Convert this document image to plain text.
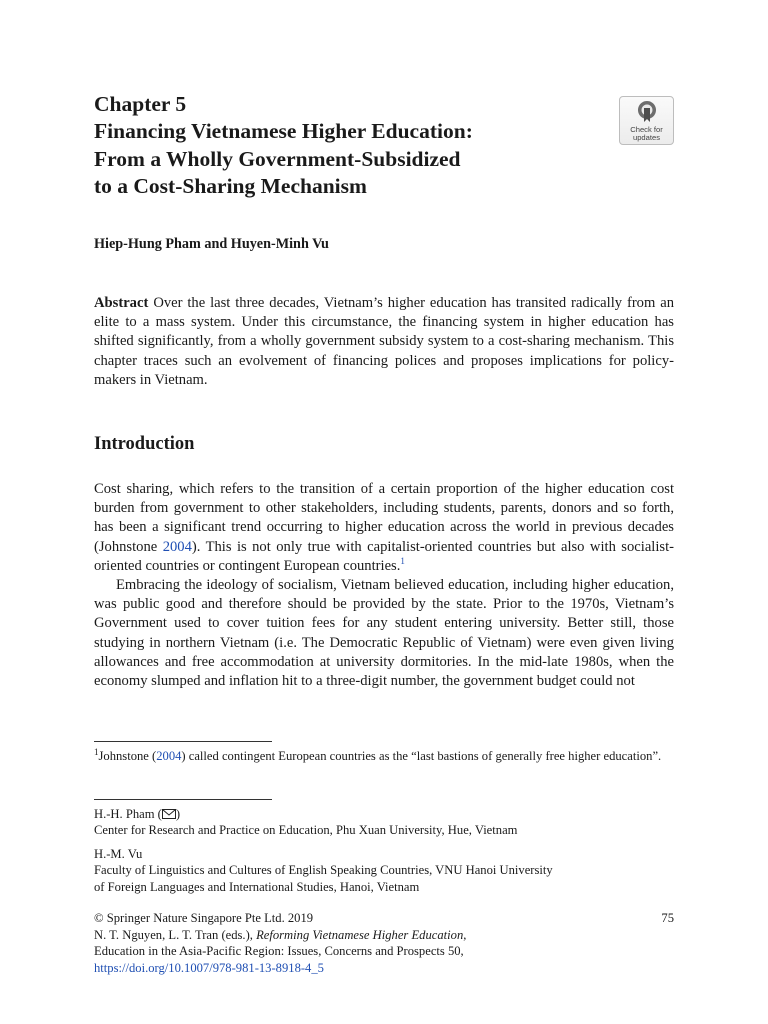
Chapter 5
Financing Vietnamese Higher Education:
From a Wholly Government-Subsidized
to a Cost-Sharing Mechanism
Check for
updates
Hiep-Hung Pham and Huyen-Minh Vu

Abstract Over the last three decades, Vietnam’s higher education has transited radically from an elite to a mass system. Under this circumstance, the financing system in higher education has shifted significantly, from a wholly government subsidy system to a cost-sharing mechanism. This chapter traces such an evolvement of financing polices and proposes implications for policy-makers in Vietnam.

Introduction

Cost sharing, which refers to the transition of a certain proportion of the higher education cost burden from government to other stakeholders, including students, parents, donors and so forth, has been a significant trend occurring to higher education across the world in previous decades (Johnstone 2004). This is not only true with capitalist-oriented countries but also with socialist-oriented countries or contingent European countries.$^1$

Embracing the ideology of socialism, Vietnam believed education, including higher education, was public good and therefore should be provided by the state. Prior to the 1970s, Vietnam’s Government used to cover tuition fees for any student entering university. Better still, those studying in northern Vietnam (i.e. The Democratic Republic of Vietnam) were even given living allowances and free accommodation at university dormitories. In the mid-late 1980s, when the economy slumped and inflation hit to a three-digit number, the government budget could not

$^1$Johnstone (2004) called contingent European countries as the “last bastions of generally free higher education”.

H.-H. Pham ( )
Center for Research and Practice on Education, Phu Xuan University, Hue, Vietnam
H.-M. Vu
Faculty of Linguistics and Cultures of English Speaking Countries, VNU Hanoi University
of Foreign Languages and International Studies, Hanoi, Vietnam
© Springer Nature Singapore Pte Ltd. 2019
N. T. Nguyen, L. T. Tran (eds.), Reforming Vietnamese Higher Education,
Education in the Asia-Pacific Region: Issues, Concerns and Prospects 50,
https://doi.org/10.1007/978-981-13-8918-4_5
75
